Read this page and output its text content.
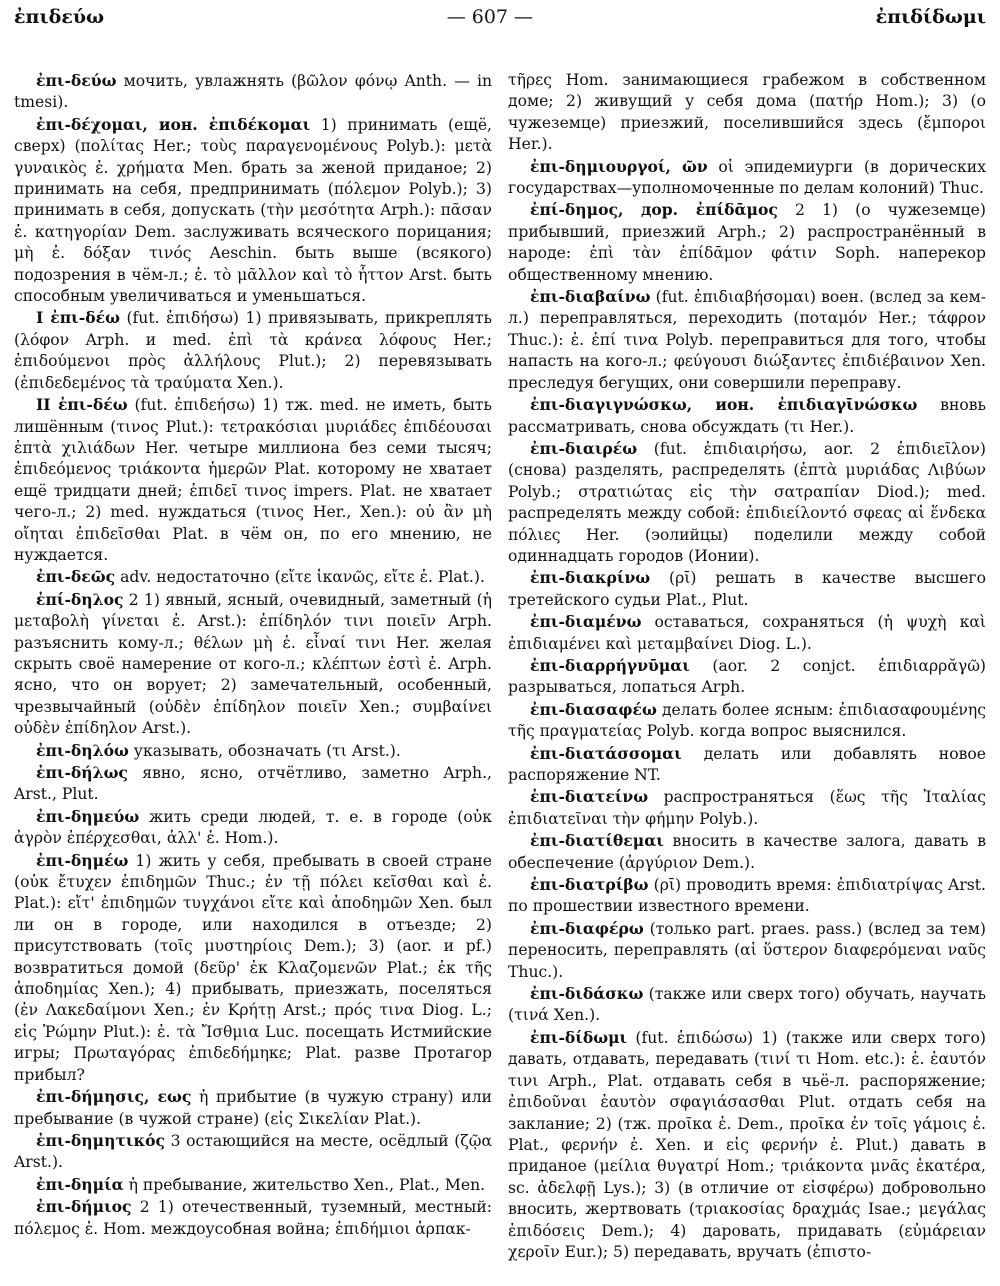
ἐπιδεύω	— 607 —	ἐπιδίδωμι

ἐπι-δεύω мочить, увлажнять (βῶλον φόνῳ Anth. — in tmesi).

ἐπι-δέχομαι, ион. ἐπιδέκομαι 1) принимать (ещё, сверх) (πολίτας Her.; τοὺς παραγενομένους Polyb.): μετὰ γυναικὸς ἐ. χρήματα Men. брать за женой приданое; 2) принимать на себя, предпринимать (πόλεμον Polyb.); 3) принимать в себя, допускать (τὴν μεσότητα Arph.): πᾶσαν ἐ. κατηγορίαν Dem. заслуживать всяческого порицания; μὴ ἐ. δόξαν τινός Aeschin. быть выше (всякого) подозрения в чём-л.; ἐ. τὸ μᾶλλον καὶ τὸ ἧττον Arst. быть способным увеличиваться и уменьшаться.

I ἐπι-δέω (fut. ἐπιδήσω) 1) привязывать, прикреплять (λόφον Arph. и med. ἐπὶ τὰ κράνεα λόφους Her.; ἐπιδούμενοι πρὸς ἀλλήλους Plut.); 2) перевязывать (ἐπιδεδεμένος τὰ τραύματα Xen.).

II ἐπι-δέω (fut. ἐπιδεήσω) 1) тж. med. не иметь, быть лишённым (τινος Plut.): τετρακόσιαι μυριάδες ἐπιδέουσαι ἑπτὰ χιλιάδων Her. четыре миллиона без семи тысяч; ἐπιδεόμενος τριάκοντα ἡμερῶν Plat. которому не хватает ещё тридцати дней; ἐπιδεῖ τινος impers. Plat. не хватает чего-л.; 2) med. нуждаться (τινος Her., Xen.): οὐ ἂν μὴ οἴηται ἐπιδεῖσθαι Plat. в чём он, по его мнению, не нуждается.

ἐπι-δεῶς adv. недостаточно (εἴτε ἱκανῶς, εἴτε ἐ. Plat.).

ἐπί-δηλος 2 1) явный, ясный, очевидный, заметный (ἡ μεταβολὴ γίνεται ἐ. Arst.): ἐπίδηλόν τινι ποιεῖν Arph. разъяснить кому-л.; θέλων μὴ ἐ. εἶναί τινι Her. желая скрыть своё намерение от кого-л.; κλέπτων ἐστὶ ἐ. Arph. ясно, что он ворует; 2) замечательный, особенный, чрезвычайный (οὐδὲν ἐπίδηλον ποιεῖν Xen.; συμβαίνει οὐδὲν ἐπίδηλον Arst.).

ἐπι-δηλόω указывать, обозначать (τι Arst.).

ἐπι-δήλως явно, ясно, отчётливо, заметно Arph., Arst., Plut.

ἐπι-δημεύω жить среди людей, т. е. в городе (οὐκ ἀγρὸν ἐπέρχεσθαι, ἀλλ' ἐ. Hom.).

ἐπι-δημέω 1) жить у себя, пребывать в своей стране (οὐκ ἔτυχεν ἐπιδημῶν Thuc.; ἐν τῇ πόλει κεῖσθαι καὶ ἐ. Plat.): εἴτ' ἐπιδημῶν τυγχάνοι εἴτε καὶ ἀποδημῶν Xen. был ли он в городе, или находился в отъезде; 2) присутствовать (τοῖς μυστηρίοις Dem.); 3) (aor. и pf.) возвратиться домой (δεῦρ' ἐκ Κλαζομενῶν Plat.; ἐκ τῆς ἀποδημίας Xen.); 4) прибывать, приезжать, поселяться (ἐν Λακεδαίμονι Xen.; ἐν Κρήτῃ Arst.; πρός τινα Diog. L.; εἰς Ῥώμην Plut.): ἐ. τὰ Ἴσθμια Luc. посещать Истмийские игры; Πρωταγόρας ἐπιδεδήμηκε; Plat. разве Протагор прибыл?

ἐπι-δήμησις, εως ἡ прибытие (в чужую страну) или пребывание (в чужой стране) (εἰς Σικελίαν Plat.).

ἐπι-δημητικός 3 остающийся на месте, осёдлый (ζῷα Arst.).

ἐπι-δημία ἡ пребывание, жительство Xen., Plat., Men.

ἐπι-δήμιος 2 1) отечественный, туземный, местный: πόλεμος ἐ. Hom. междоусобная война; ἐπιδήμιοι ἁρπακ-

τῆρες Hom. занимающиеся грабежом в собственном доме; 2) живущий у себя дома (πατήρ Hom.); 3) (о чужеземце) приезжий, поселившийся здесь (ἔμποροι Her.).

ἐπι-δημιουργοί, ῶν οἱ эпидемиурги (в дорических государствах—уполномоченные по делам колоний) Thuc.

ἐπί-δημος, дор. ἐπίδᾱμος 2 1) (о чужеземце) прибывший, приезжий Arph.; 2) распространённый в народе: ἐπὶ τὰν ἐπίδᾱμον φάτιν Soph. наперекор общественному мнению.

ἐπι-διαβαίνω (fut. ἐπιδιαβήσομαι) воен. (вслед за кем-л.) переправляться, переходить (ποταμόν Her.; τάφρον Thuc.): ἐ. ἐπί τινα Polyb. переправиться для того, чтобы напасть на кого-л.; φεύγουσι διώξαντες ἐπιδιέβαινον Xen. преследуя бегущих, они совершили переправу.

ἐπι-διαγιγνώσκω, ион. ἐπιδιαγῑνώσκω вновь рассматривать, снова обсуждать (τι Her.).

ἐπι-διαιρέω (fut. ἐπιδιαιρήσω, aor. 2 ἐπιδιεῖλον) (снова) разделять, распределять (ἑπτὰ μυριάδας Λιβύων Polyb.; στρατιώτας εἰς τὴν σατραπίαν Diod.); med. распределять между собой: ἐπιδιείλοντό σφεας αἱ ἕνδεκα πόλιες Her. (эолийцы) поделили между собой одиннадцать городов (Ионии).

ἐπι-διακρίνω (ρῑ) решать в качестве высшего третейского судьи Plat., Plut.

ἐπι-διαμένω оставаться, сохраняться (ἡ ψυχὴ καὶ ἐπιδιαμένει καὶ μεταμβαίνει Diog. L.).

ἐπι-διαρρήγνῡμαι (aor. 2 conjct. ἐπιδιαρρᾰγῶ) разрываться, лопаться Arph.

ἐπι-διασαφέω делать более ясным: ἐπιδιασαφουμένης τῆς πραγματείας Polyb. когда вопрос выяснился.

ἐπι-διατάσσομαι делать или добавлять новое распоряжение NT.

ἐπι-διατείνω распространяться (ἕως τῆς Ἰταλίας ἐπιδιατεῖναι τὴν φήμην Polyb.).

ἐπι-διατίθεμαι вносить в качестве залога, давать в обеспечение (ἀργύριον Dem.).

ἐπι-διατρίβω (ρῑ) проводить время: ἐπιδιατρίψας Arst. по прошествии известного времени.

ἐπι-διαφέρω (только part. praes. pass.) (вслед за тем) переносить, переправлять (αἱ ὕστερον διαφερόμεναι ναῦς Thuc.).

ἐπι-διδάσκω (также или сверх того) обучать, научать (τινά Xen.).

ἐπι-δίδωμι (fut. ἐπιδώσω) 1) (также или сверх того) давать, отдавать, передавать (τινί τι Hom. etc.): ἐ. ἑαυτόν τινι Arph., Plat. отдавать себя в чьё-л. распоряжение; ἐπιδοῦναι ἑαυτὸν σφαγιάσασθαι Plut. отдать себя на заклание; 2) (тж. προῖκα ἐ. Dem., προῖκα ἐν τοῖς γάμοις ἐ. Plat., φερνήν ἐ. Xen. и εἰς φερνήν ἐ. Plut.) давать в приданое (μείλια θυγατρί Hom.; τριάκοντα μνᾶς ἑκατέρα, sc. ἀδελφῇ Lys.); 3) (в отличие от εἰσφέρω) добровольно вносить, жертвовать (τριακοσίας δραχμάς Isae.; μεγάλας ἐπιδόσεις Dem.); 4) даровать, придавать (εὐμάρειαν χεροῖν Eur.); 5) передавать, вручать (ἐπιστο-
